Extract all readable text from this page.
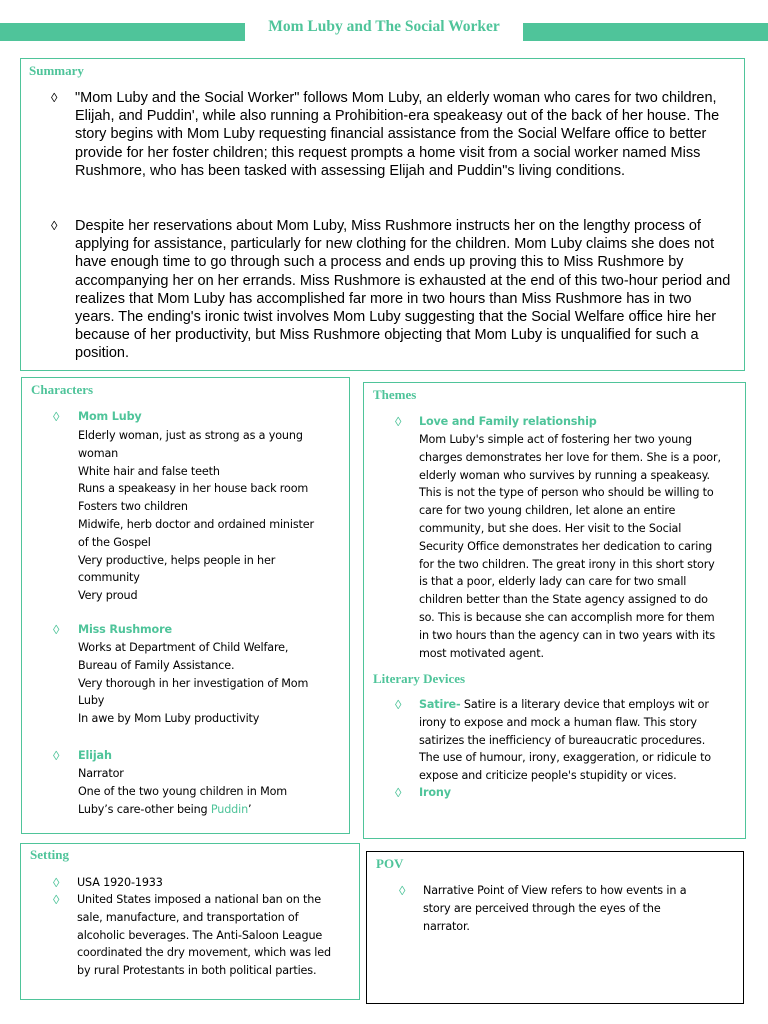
Mom Luby and The Social Worker
Summary
◊ "Mom Luby and the Social Worker" follows Mom Luby, an elderly woman who cares for two children, Elijah, and Puddin', while also running a Prohibition-era speakeasy out of the back of her house. The story begins with Mom Luby requesting financial assistance from the Social Welfare office to better provide for her foster children; this request prompts a home visit from a social worker named Miss Rushmore, who has been tasked with assessing Elijah and Puddin"s living conditions.
◊ Despite her reservations about Mom Luby, Miss Rushmore instructs her on the lengthy process of applying for assistance, particularly for new clothing for the children. Mom Luby claims she does not have enough time to go through such a process and ends up proving this to Miss Rushmore by accompanying her on her errands. Miss Rushmore is exhausted at the end of this two-hour period and realizes that Mom Luby has accomplished far more in two hours than Miss Rushmore has in two years. The ending's ironic twist involves Mom Luby suggesting that the Social Welfare office hire her because of her productivity, but Miss Rushmore objecting that Mom Luby is unqualified for such a position.
Characters
◊ Mom Luby
Elderly woman, just as strong as a young
woman
White hair and false teeth
Runs a speakeasy in her house back room
Fosters two children
Midwife, herb doctor and ordained minister
of the Gospel
Very productive, helps people in her
community
Very proud
◊ Miss Rushmore
Works at Department of Child Welfare,
Bureau of Family Assistance.
Very thorough in her investigation of Mom
Luby
In awe by Mom Luby productivity
◊ Elijah
Narrator
One of the two young children in Mom
Luby’s care-other being Puddin’
Themes
◊ Love and Family relationship
Mom Luby's simple act of fostering her two young
charges demonstrates her love for them. She is a poor,
elderly woman who survives by running a speakeasy.
This is not the type of person who should be willing to
care for two young children, let alone an entire
community, but she does. Her visit to the Social
Security Office demonstrates her dedication to caring
for the two children. The great irony in this short story
is that a poor, elderly lady can care for two small
children better than the State agency assigned to do
so. This is because she can accomplish more for them
in two hours than the agency can in two years with its
most motivated agent.
Literary Devices
◊ Satire- Satire is a literary device that employs wit or
irony to expose and mock a human flaw. This story
satirizes the inefficiency of bureaucratic procedures.
The use of humour, irony, exaggeration, or ridicule to
expose and criticize people's stupidity or vices.
◊ Irony
Setting
◊ USA 1920-1933
◊ United States imposed a national ban on the
sale, manufacture, and transportation of
alcoholic beverages. The Anti-Saloon League
coordinated the dry movement, which was led
by rural Protestants in both political parties.
POV
◊ Narrative Point of View refers to how events in a
story are perceived through the eyes of the
narrator.
